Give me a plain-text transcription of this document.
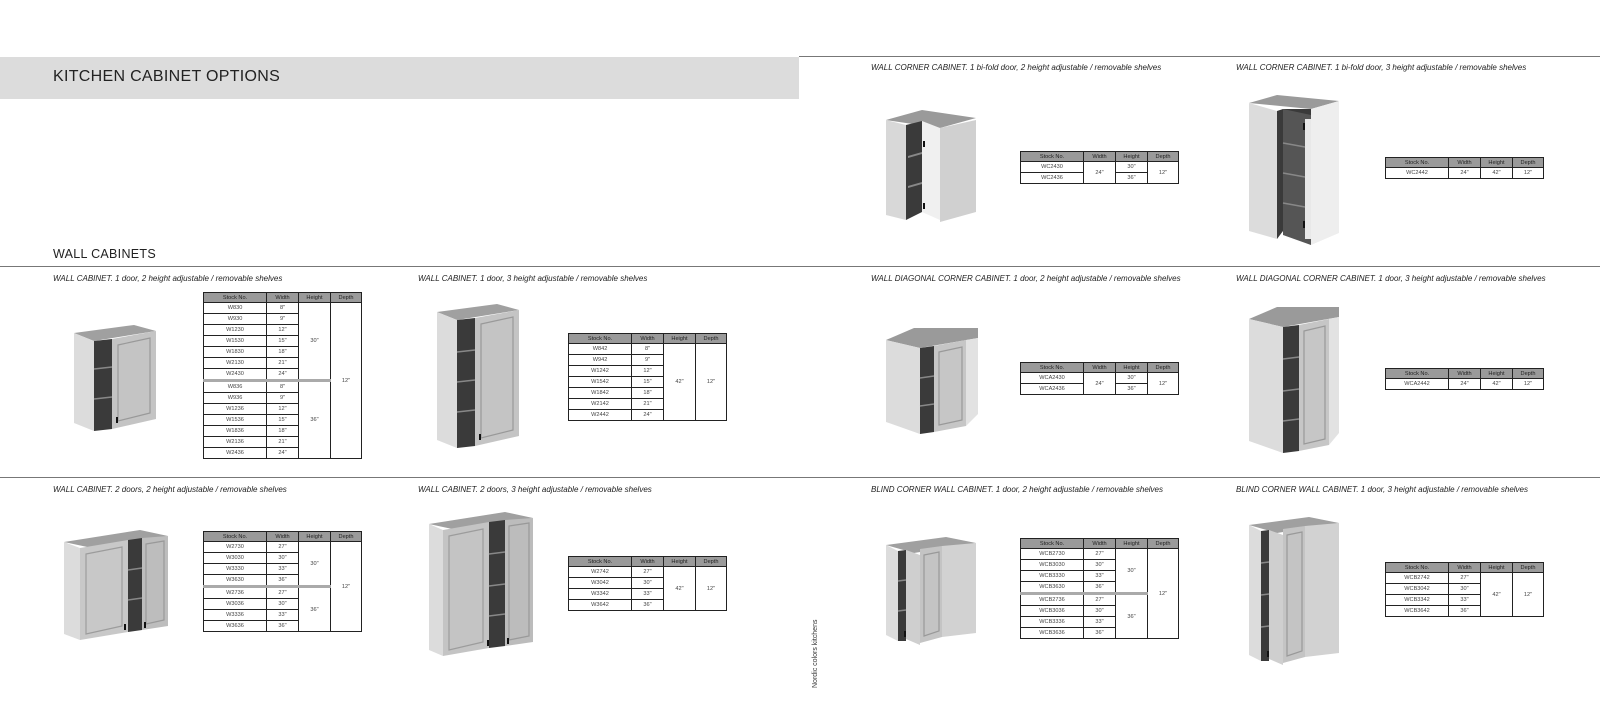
KITCHEN CABINET OPTIONS
WALL CABINETS
Nordic colors kitchens
WALL CORNER CABINET. 1 bi-fold door, 2 height adjustable / removable shelves	WALL CORNER CABINET. 1 bi-fold door, 3 height adjustable / removable shelves
WALL CABINET. 1 door, 2 height adjustable / removable shelves	WALL CABINET. 1 door, 3 height adjustable / removable shelves	WALL DIAGONAL CORNER CABINET. 1 door, 2 height adjustable / removable shelves	WALL DIAGONAL CORNER CABINET. 1 door, 3 height adjustable / removable shelves
WALL CABINET. 2 doors, 2 height adjustable / removable shelves	WALL CABINET. 2 doors, 3 height adjustable / removable shelves	BLIND CORNER WALL CABINET. 1 door, 2 height adjustable / removable shelves	BLIND CORNER WALL CABINET. 1 door, 3 height adjustable / removable shelves
Stock No.	Width	Height	Depth
WC2430	24"	30"	12"
WC2436		36"	
Stock No.	Width	Height	Depth
WC2442	24"	42"	12"
Stock No.	Width	Height	Depth
W830	8"	30"	12"
W930	9"		
W1230	12"		
W1530	15"		
W1830	18"		
W2130	21"		
W2430	24"		
W836	8"	36"	
W936	9"		
W1236	12"		
W1536	15"		
W1836	18"		
W2136	21"		
W2436	24"		
Stock No.	Width	Height	Depth
W842	8"	42"	12"
W942	9"		
W1242	12"		
W1542	15"		
W1842	18"		
W2142	21"		
W2442	24"		
Stock No.	Width	Height	Depth
WCA2430	24"	30"	12"
WCA2436		36"	
Stock No.	Width	Height	Depth
WCA2442	24"	42"	12"
Stock No.	Width	Height	Depth
W2730	27"	30"	12"
W3030	30"		
W3330	33"		
W3630	36"		
W2736	27"	36"	
W3036	30"		
W3336	33"		
W3636	36"		
Stock No.	Width	Height	Depth
W2742	27"	42"	12"
W3042	30"		
W3342	33"		
W3642	36"		
Stock No.	Width	Height	Depth
WCB2730	27"	30"	12"
WCB3030	30"		
WCB3330	33"		
WCB3630	36"		
WCB2736	27"	36"	
WCB3036	30"		
WCB3336	33"		
WCB3636	36"		
Stock No.	Width	Height	Depth
WCB2742	27"	42"	12"
WCB3042	30"		
WCB3342	33"		
WCB3642	36"		
